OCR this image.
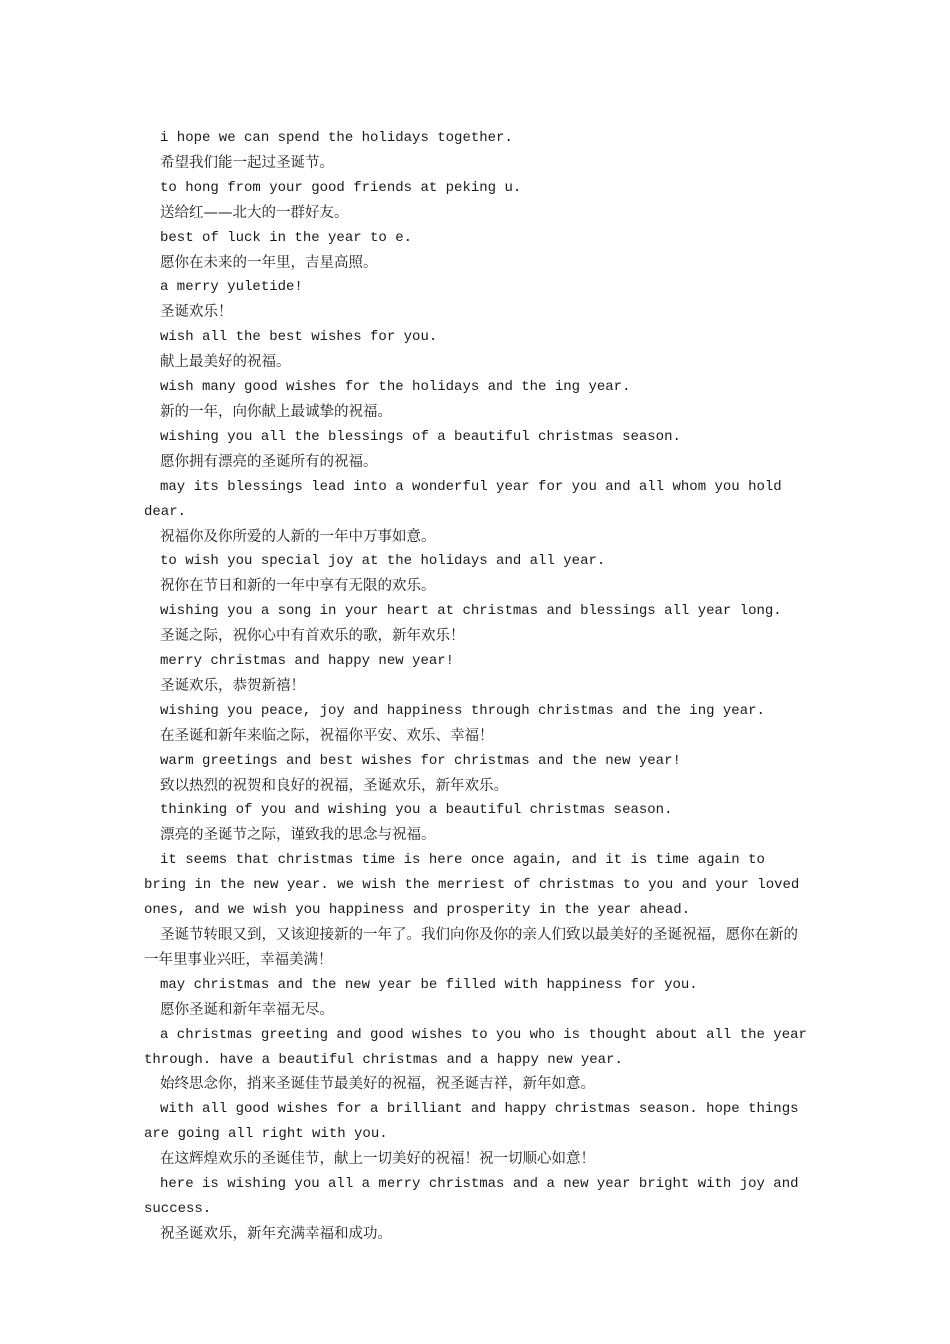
i hope we can spend the holidays together.

希望我们能一起过圣诞节。

to hong from your good friends at peking u.

送给红——北大的一群好友。

best of luck in the year to e.

愿你在未来的一年里，吉星高照。

a merry yuletide!

圣诞欢乐！

wish all the best wishes for you.

献上最美好的祝福。

wish many good wishes for the holidays and the ing year.

新的一年，向你献上最诚挚的祝福。

wishing you all the blessings of a beautiful christmas season.

愿你拥有漂亮的圣诞所有的祝福。

may its blessings lead into a wonderful year for you and all whom you hold dear.

祝福你及你所爱的人新的一年中万事如意。

to wish you special joy at the holidays and all year.

祝你在节日和新的一年中享有无限的欢乐。

wishing you a song in your heart at christmas and blessings all year long.

圣诞之际，祝你心中有首欢乐的歌，新年欢乐！

merry christmas and happy new year!

圣诞欢乐，恭贺新禧！

wishing you peace, joy and happiness through christmas and the ing year.

在圣诞和新年来临之际，祝福你平安、欢乐、幸福！

warm greetings and best wishes for christmas and the new year!

致以热烈的祝贺和良好的祝福，圣诞欢乐，新年欢乐。

thinking of you and wishing you a beautiful christmas season.

漂亮的圣诞节之际，谨致我的思念与祝福。

it seems that christmas time is here once again, and it is time again to bring in the new year. we wish the merriest of christmas to you and your loved ones, and we wish you happiness and prosperity in the year ahead.

圣诞节转眼又到，又该迎接新的一年了。我们向你及你的亲人们致以最美好的圣诞祝福，愿你在新的一年里事业兴旺，幸福美满！

may christmas and the new year be filled with happiness for you.

愿你圣诞和新年幸福无尽。

a christmas greeting and good wishes to you who is thought about all the year through. have a beautiful christmas and a happy new year.

始终思念你，捎来圣诞佳节最美好的祝福，祝圣诞吉祥，新年如意。

with all good wishes for a brilliant and happy christmas season. hope things are going all right with you.

在这辉煌欢乐的圣诞佳节，献上一切美好的祝福！祝一切顺心如意！

here is wishing you all a merry christmas and a new year bright with joy and success.

祝圣诞欢乐，新年充满幸福和成功。
